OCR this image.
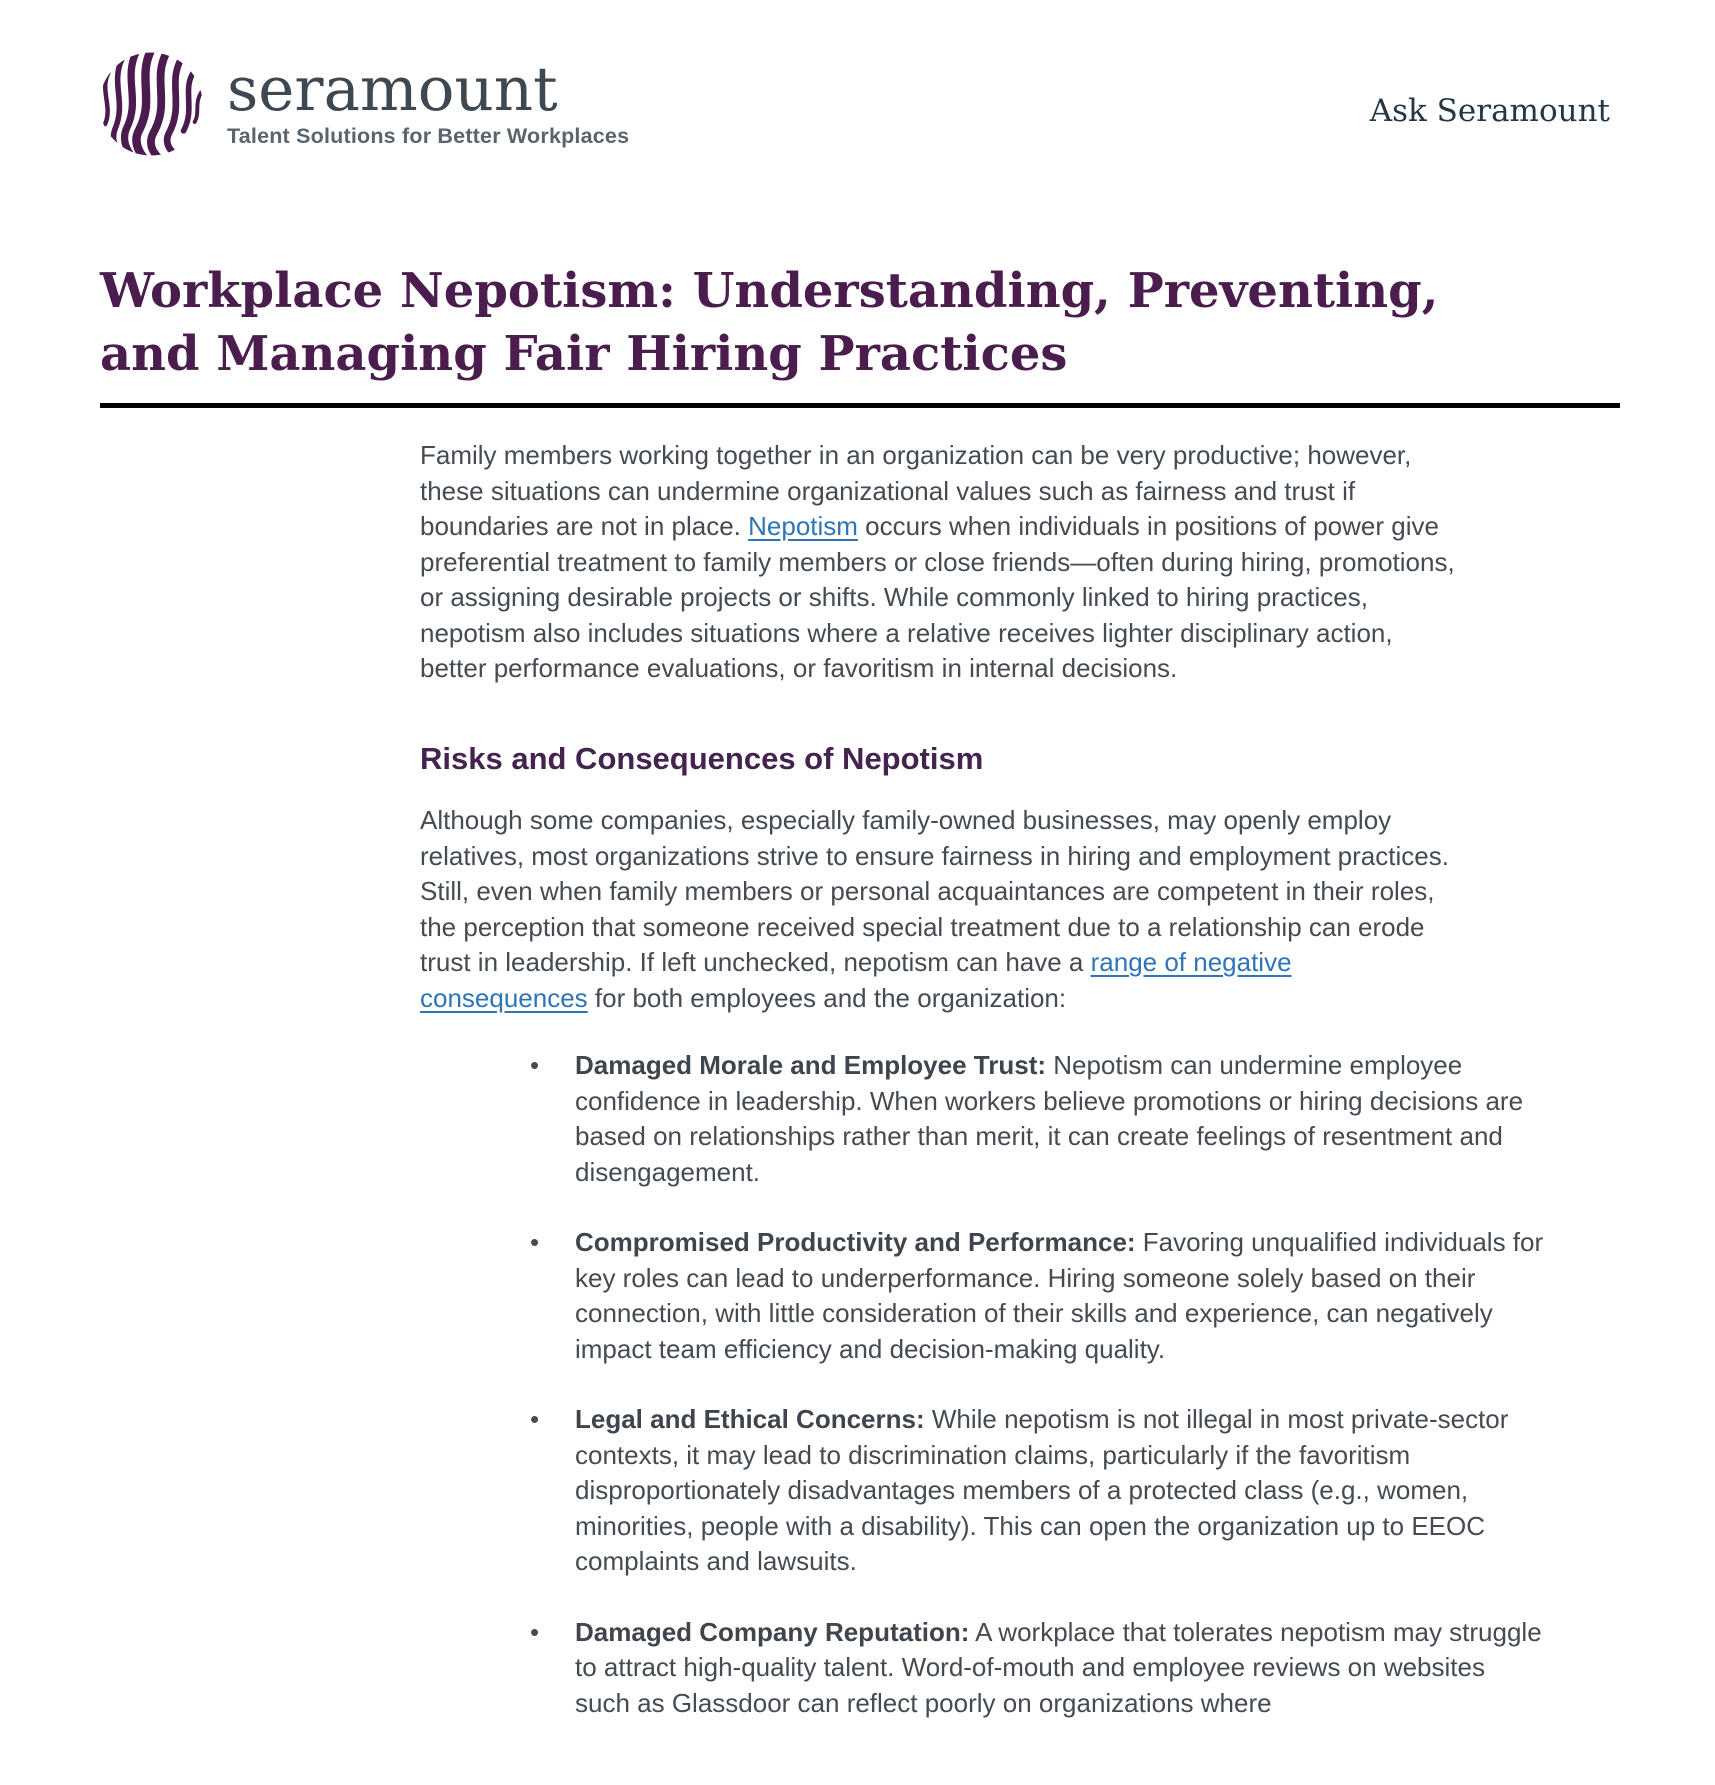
seramount
Talent Solutions for Better Workplaces
Ask Seramount
Workplace Nepotism: Understanding, Preventing,
and Managing Fair Hiring Practices

Family members working together in an organization can be very productive; however, these situations can undermine organizational values such as fairness and trust if boundaries are not in place. Nepotism occurs when individuals in positions of power give preferential treatment to family members or close friends—often during hiring, promotions, or assigning desirable projects or shifts. While commonly linked to hiring practices, nepotism also includes situations where a relative receives lighter disciplinary action, better performance evaluations, or favoritism in internal decisions.

Risks and Consequences of Nepotism

Although some companies, especially family-owned businesses, may openly employ relatives, most organizations strive to ensure fairness in hiring and employment practices. Still, even when family members or personal acquaintances are competent in their roles, the perception that someone received special treatment due to a relationship can erode trust in leadership. If left unchecked, nepotism can have a range of negative consequences for both employees and the organization:

• Damaged Morale and Employee Trust: Nepotism can undermine employee confidence in leadership. When workers believe promotions or hiring decisions are based on relationships rather than merit, it can create feelings of resentment and disengagement.
• Compromised Productivity and Performance: Favoring unqualified individuals for key roles can lead to underperformance. Hiring someone solely based on their connection, with little consideration of their skills and experience, can negatively impact team efficiency and decision-making quality.
• Legal and Ethical Concerns: While nepotism is not illegal in most private-sector contexts, it may lead to discrimination claims, particularly if the favoritism disproportionately disadvantages members of a protected class (e.g., women, minorities, people with a disability). This can open the organization up to EEOC complaints and lawsuits.
• Damaged Company Reputation: A workplace that tolerates nepotism may struggle to attract high-quality talent. Word-of-mouth and employee reviews on websites such as Glassdoor can reflect poorly on organizations where
